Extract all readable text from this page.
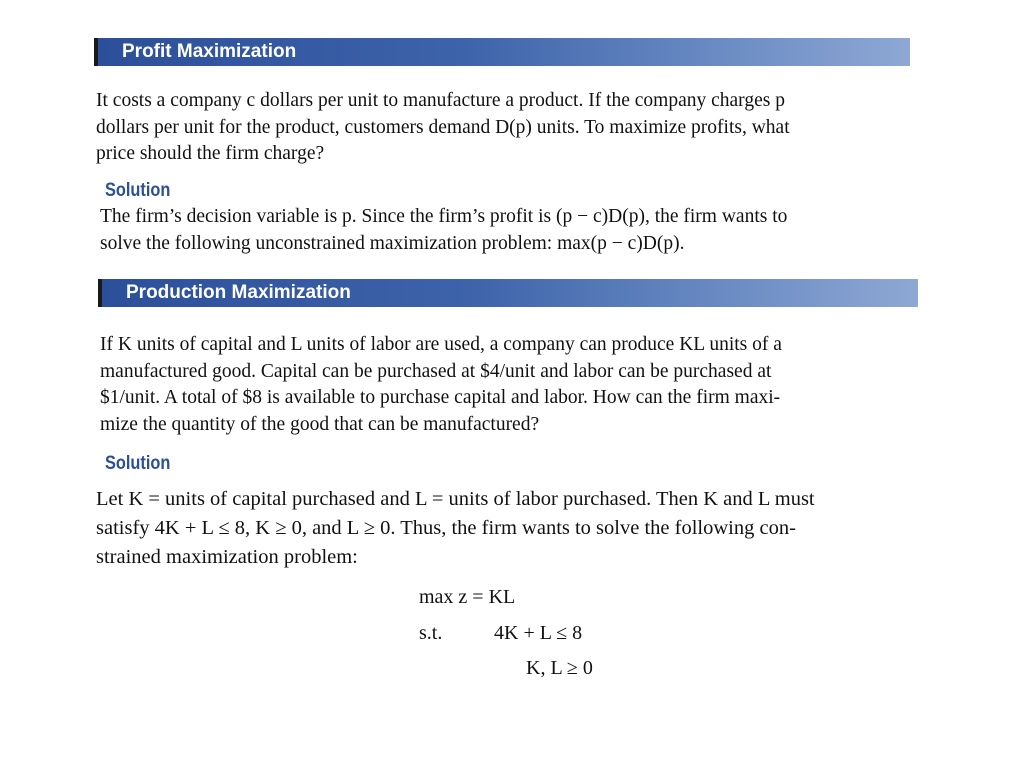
Profit Maximization
It costs a company c dollars per unit to manufacture a product. If the company charges p
dollars per unit for the product, customers demand D(p) units. To maximize profits, what
price should the firm charge?
Solution
The firm’s decision variable is p. Since the firm’s profit is (p − c)D(p), the firm wants to
solve the following unconstrained maximization problem: max(p − c)D(p).
Production Maximization
If K units of capital and L units of labor are used, a company can produce KL units of a
manufactured good. Capital can be purchased at $4/unit and labor can be purchased at
$1/unit. A total of $8 is available to purchase capital and labor. How can the firm maxi-
mize the quantity of the good that can be manufactured?
Solution
Let K = units of capital purchased and L = units of labor purchased. Then K and L must
satisfy 4K + L ≤ 8, K ≥ 0, and L ≥ 0. Thus, the firm wants to solve the following con-
strained maximization problem:
max z = KL
s.t.	4K + L ≤ 8
K, L ≥ 0
